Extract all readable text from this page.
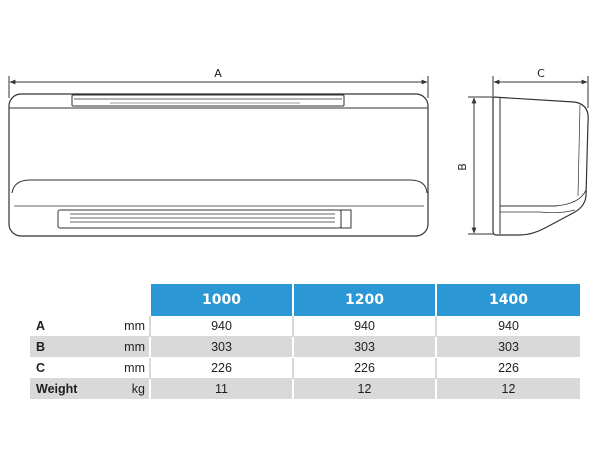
A	C
B
		1000	1200	1400
A	mm	940	940	940
B	mm	303	303	303
C	mm	226	226	226
Weight	kg	11	12	12
